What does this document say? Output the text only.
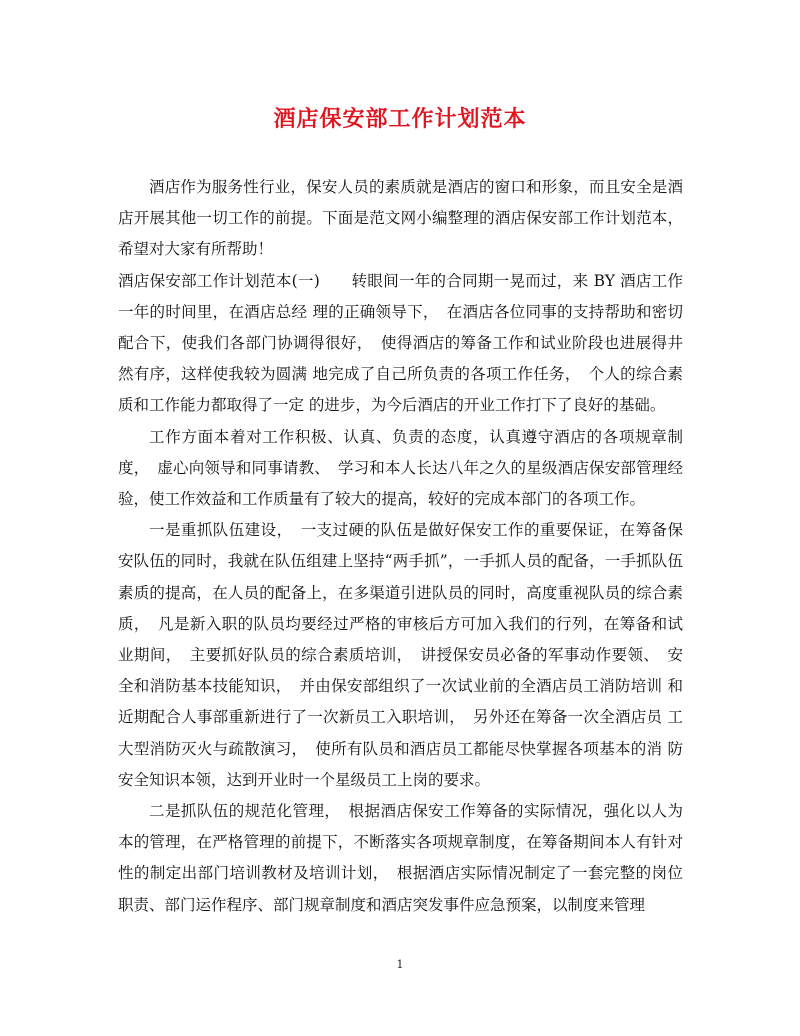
酒店保安部工作计划范本

酒店作为服务性行业，保安人员的素质就是酒店的窗口和形象，而且安全是酒店开展其他一切工作的前提。下面是范文网小编整理的酒店保安部工作计划范本，希望对大家有所帮助！

酒店保安部工作计划范本(一)　　转眼间一年的合同期一晃而过，来 BY 酒店工作一年的时间里，在酒店总经 理的正确领导下，　在酒店各位同事的支持帮助和密切配合下，使我们各部门协调得很好，　使得酒店的筹备工作和试业阶段也进展得井然有序，这样使我较为圆满 地完成了自己所负责的各项工作任务，　个人的综合素质和工作能力都取得了一定 的进步，为今后酒店的开业工作打下了良好的基础。

工作方面本着对工作积极、认真、负责的态度，认真遵守酒店的各项规章制度，　虚心向领导和同事请教、　学习和本人长达八年之久的星级酒店保安部管理经 验，使工作效益和工作质量有了较大的提高，较好的完成本部门的各项工作。

一是重抓队伍建设，　一支过硬的队伍是做好保安工作的重要保证，在筹备保安队伍的同时，我就在队伍组建上坚持“两手抓”，一手抓人员的配备，一手抓队伍素质的提高，在人员的配备上，在多渠道引进队员的同时，高度重视队员的综合素质，　凡是新入职的队员均要经过严格的审核后方可加入我们的行列，在筹备和试业期间，　主要抓好队员的综合素质培训，　讲授保安员必备的军事动作要领、　安全和消防基本技能知识，　并由保安部组织了一次试业前的全酒店员工消防培训 和近期配合人事部重新进行了一次新员工入职培训，　另外还在筹备一次全酒店员 工大型消防灭火与疏散演习，　使所有队员和酒店员工都能尽快掌握各项基本的消 防安全知识本领，达到开业时一个星级员工上岗的要求。

二是抓队伍的规范化管理，　根据酒店保安工作筹备的实际情况，强化以人为本的管理，在严格管理的前提下，不断落实各项规章制度，在筹备期间本人有针对性的制定出部门培训教材及培训计划，　根据酒店实际情况制定了一套完整的岗位职责、部门运作程序、部门规章制度和酒店突发事件应急预案，以制度来管理

1
